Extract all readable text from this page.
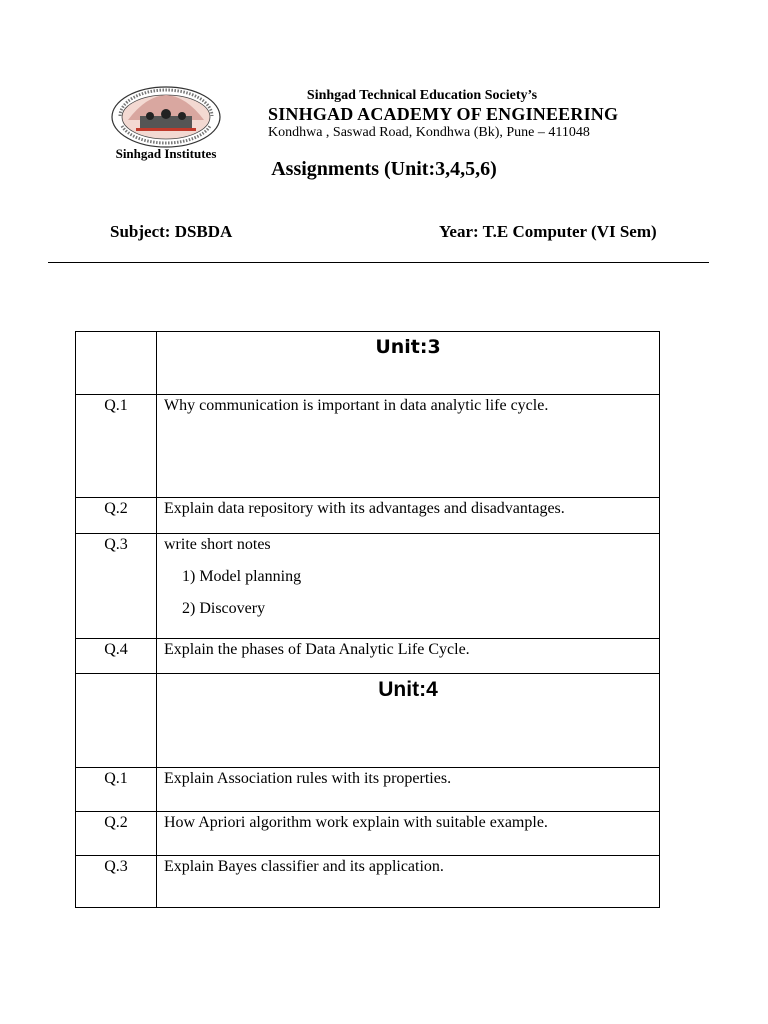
Sinhgad Institutes
Sinhgad Technical Education Society’s
SINHGAD ACADEMY OF ENGINEERING
Kondhwa , Saswad Road, Kondhwa (Bk), Pune – 411048
Assignments (Unit:3,4,5,6)
Subject: DSBDA	Year: T.E Computer (VI Sem)
	Unit:3
Q.1	Why communication is important in data analytic life cycle.
Q.2	Explain data repository with its advantages and disadvantages.
Q.3	write short notes
1) Model planning
2) Discovery

Q.4	Explain the phases of Data Analytic Life Cycle.
	Unit:4
Q.1	Explain Association rules with its properties.
Q.2	How Apriori algorithm work explain with suitable example.
Q.3	Explain Bayes classifier and its application.
